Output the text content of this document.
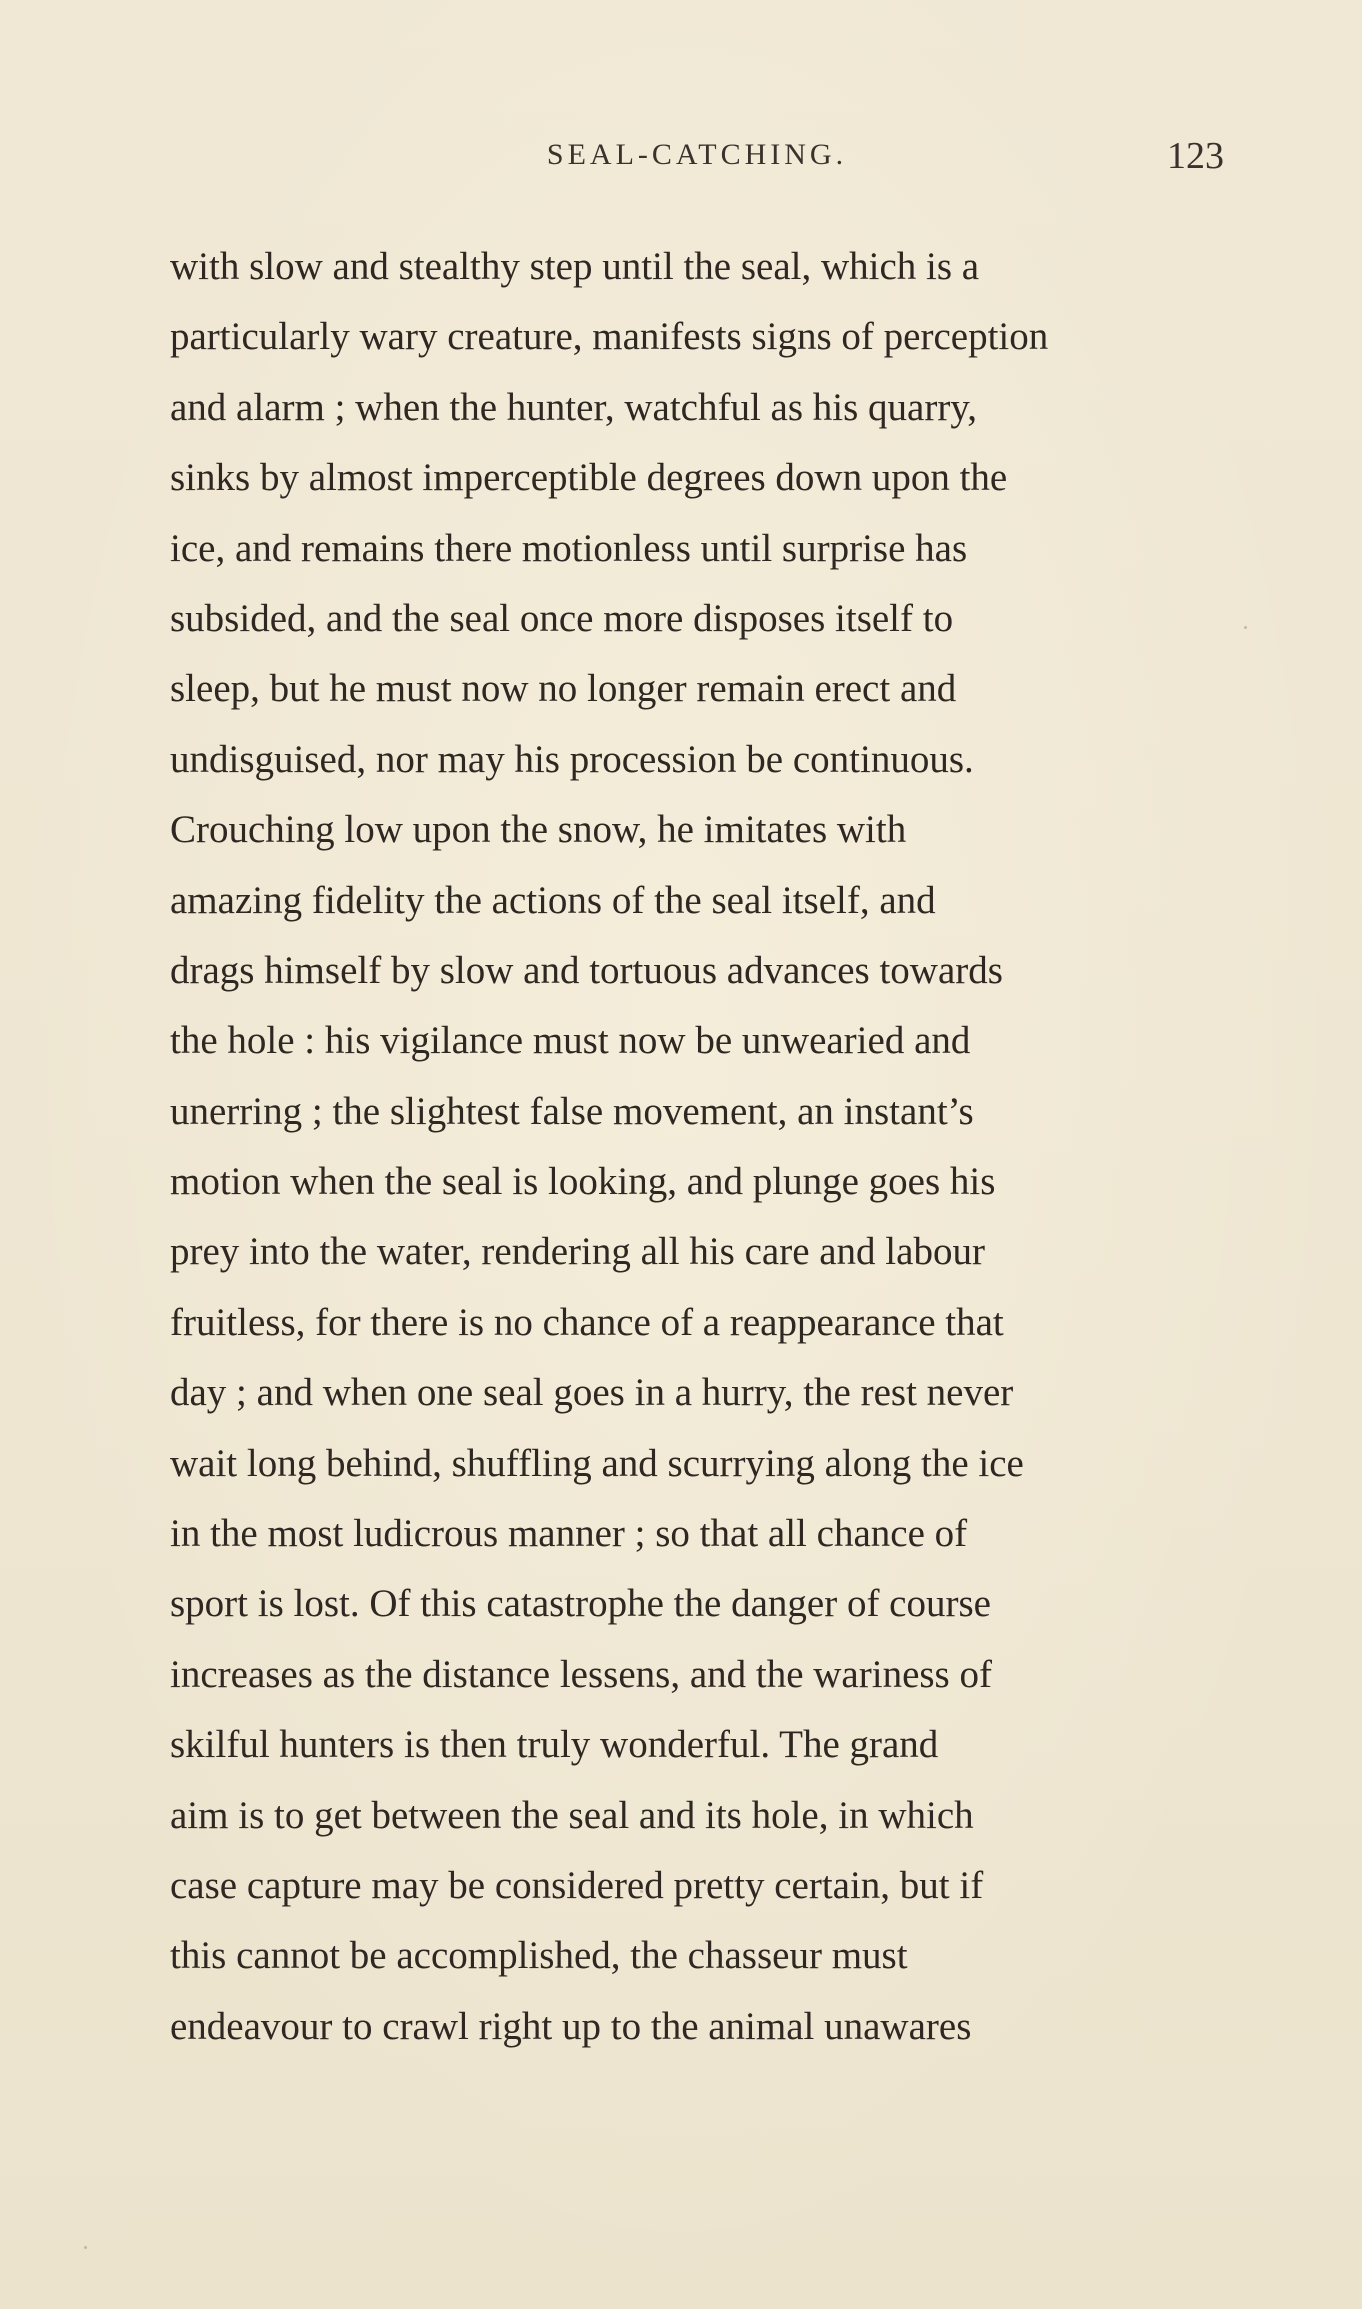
SEAL-CATCHING.	123
with slow and stealthy step until the seal, which is a
particularly wary creature, manifests signs of perception
and alarm ; when the hunter, watchful as his quarry,
sinks by almost imperceptible degrees down upon the
ice, and remains there motionless until surprise has
subsided, and the seal once more disposes itself to
sleep, but he must now no longer remain erect and
undisguised, nor may his procession be continuous.
Crouching low upon the snow, he imitates with
amazing fidelity the actions of the seal itself, and
drags himself by slow and tortuous advances towards
the hole : his vigilance must now be unwearied and
unerring ; the slightest false movement, an instant’s
motion when the seal is looking, and plunge goes his
prey into the water, rendering all his care and labour
fruitless, for there is no chance of a reappearance that
day ; and when one seal goes in a hurry, the rest never
wait long behind, shuffling and scurrying along the ice
in the most ludicrous manner ; so that all chance of
sport is lost. Of this catastrophe the danger of course
increases as the distance lessens, and the wariness of
skilful hunters is then truly wonderful. The grand
aim is to get between the seal and its hole, in which
case capture may be considered pretty certain, but if
this cannot be accomplished, the chasseur must
endeavour to crawl right up to the animal unawares
